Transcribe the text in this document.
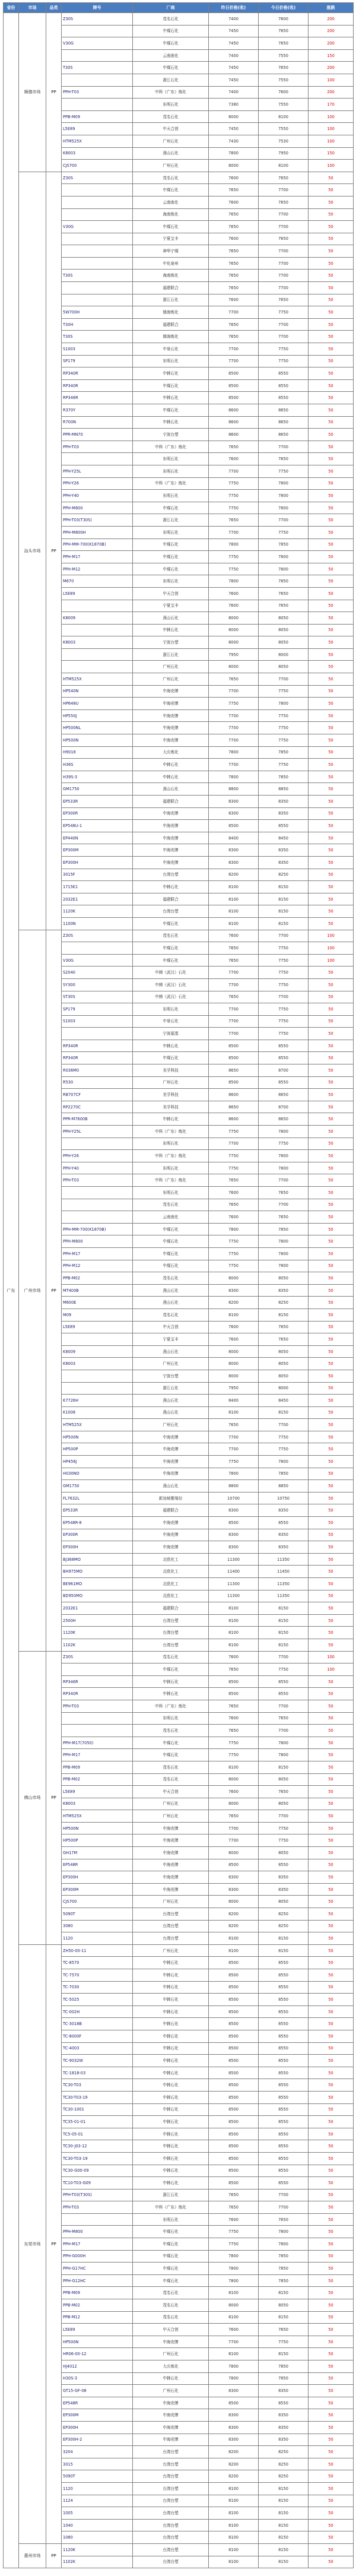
省份	市场	品类	牌号	厂商	昨日价格(收)	今日价格(收)	涨跌
广东	顺德市场	PP	Z30S	茂名石化	7400	7600	200
				中煤石化	7450	7650	200
			V30G	中煤石化	7450	7650	200
				云南南化	7400	7550	150
			T30S	中煤石化	7450	7650	200
				浙江石化	7450	7550	100
			PPH-T03	中科（广东）炼化	7400	7600	200
				东明石化	7380	7550	170
			PPB-M09	茂名石化	8000	8100	100
			L5E89	中天合创	7450	7550	100
			HTM525X	广州石化	7430	7530	100
			K8003	燕山石化	7800	7950	150
			CJS700	广州石化	8000	8100	100
	汕头市场	PP	Z30S	茂名石化	7600	7650	50
				中煤石化	7650	7700	50
				云南南化	7600	7650	50
				海南炼化	7650	7700	50
			V30G	中煤石化	7650	7700	50
				宁夏宝丰	7600	7650	50
				神华宁煤	7650	7700	50
				中化泉州	7650	7700	50
			T30S	海南炼化	7650	7700	50
				福建联合	7650	7700	50
				浙江石化	7600	7650	50
			5W700H	镇海炼化	7700	7750	50
			T30H	福建联合	7650	7700	50
			T30S	镇海炼化	7650	7700	50
			S1003	中景石化	7700	7750	50
			SP179	东明石化	7700	7750	50
			RP340R	中韩石化	8500	8550	50
			RP340R	中煤石化	8500	8550	50
			RP346R	中韩石化	8500	8550	50
			R370Y	中煤石化	8600	8650	50
			R700N	中韩石化	8600	8650	50
			PPR-MN70	宁波台塑	8600	8650	50
			PPH-T03	中科（广东）炼化	7650	7700	50
				东明石化	7600	7650	50
			PPH-Y25L	东明石化	7700	7750	50
			PPH-Y26	中科（广东）炼化	7750	7800	50
			PPH-Y40	东明石化	7750	7800	50
			PPH-M800	中煤石化	7750	7800	50
			PPH-T03(T30S)	浙江石化	7650	7700	50
			PPH-M800H	东明石化	7700	7750	50
			PPH-MM-700(K1870B)	中煤石化	7800	7850	50
			PPH-M17	中煤石化	7750	7800	50
			PPH-M12	中煤石化	7750	7800	50
			M670	东明石化	7800	7850	50
			L5E89	中天合创	7600	7650	50
				宁夏宝丰	7600	7650	50
			K8009	燕山石化	8000	8050	50
				中韩石化	8000	8050	50
			K8003	宁波台塑	8000	8050	50
				浙江石化	7950	8000	50
				广州石化	8000	8050	50
			HTM525X	广州石化	7650	7700	50
			HP540N	中海壳牌	7700	7750	50
			HP648U	中海壳牌	7750	7800	50
			HP550J	中海壳牌	7700	7750	50
			HP500NL	中海壳牌	7700	7750	50
			HP500N	中海壳牌	7700	7750	50
			H9018	大庆炼化	7800	7850	50
			H36S	中韩石化	7700	7750	50
			H39S-3	中韩石化	7800	7850	50
			GM1750	燕山石化	8800	8850	50
			EP533R	福建联合	8300	8350	50
			EP300R	中海壳牌	8300	8350	50
			EP548U-1	中海壳牌	8500	8550	50
			EP440N	中海壳牌	8400	8450	50
			EP300M	中海壳牌	8300	8350	50
			EP300H	中海壳牌	8300	8350	50
			3015F	台湾台塑	8200	8250	50
			1715E1	中韩石化	8100	8150	50
			2032E1	福建联合	8100	8150	50
			1120K	台湾台塑	8100	8150	50
			1100N	中煤石化	8100	8150	50
	广州市场	PP	Z30S	茂名石化	7600	7700	100
				中煤石化	7650	7750	100
			V30G	中煤石化	7650	7750	100
			S2040	中韩（武汉）石化	7700	7750	50
			SY300	中韩（武汉）石化	7700	7750	50
			ST30S	中韩（武汉）石化	7650	7700	50
			SP179	东明石化	7700	7750	50
			S1003	中景石化	7700	7750	50
				宁波福基	7700	7750	50
			RP340R	中韩石化	8500	8550	50
			RP340R	中煤石化	8500	8550	50
			R036M0	美孚科技	8650	8700	50
			R530	广州石化	8500	8550	50
			RB707CF	美孚科技	8600	8650	50
			RP2270C	美孚科技	8650	8700	50
			PPR-M7600B	中韩石化	8600	8650	50
			PPH-Y25L	中科（广东）炼化	7750	7800	50
				东明石化	7700	7750	50
			PPH-Y26	中科（广东）炼化	7750	7800	50
			PPH-Y40	东明石化	7750	7800	50
			PPH-T03	中科（广东）炼化	7650	7700	50
				东明石化	7600	7650	50
				茂名石化	7650	7700	50
				云南南化	7600	7650	50
			PPH-MM-700(K1870B)	中煤石化	7800	7850	50
			PPH-M800	中煤石化	7750	7800	50
			PPH-M17	中煤石化	7750	7800	50
			PPH-M12	中煤石化	7750	7800	50
			PPB-M02	茂名石化	8000	8050	50
			MT400B	燕山石化	8300	8350	50
			M600E	燕山石化	8200	8250	50
			M09	茂名石化	8100	8150	50
			L5E89	中天合创	7600	7650	50
				宁夏宝丰	7600	7650	50
			K8009	燕山石化	8000	8050	50
			K8003	广州石化	8000	8050	50
				宁波台塑	8000	8050	50
				浙江石化	7950	8000	50
			K7726H	燕山石化	8400	8450	50
			K1008	燕山石化	8100	8150	50
			HTM525X	广州石化	7650	7700	50
			HP500N	中海壳牌	7700	7750	50
			HP500P	中海壳牌	7700	7750	50
			HP456J	中海壳牌	7750	7800	50
			H030NO	中海壳牌	7800	7850	50
			GM1750	燕山石化	8800	8850	50
			FL7632L	新加坡聚烯烃	10700	10750	50
			EP533R	福建联合	8300	8350	50
			EP548R-8	中海壳牌	8500	8550	50
			EP300R	中海壳牌	8300	8350	50
			EP300H	中海壳牌	8300	8350	50
			BJ368MO	北欧化工	11300	11350	50
			BH975MO	北欧化工	11400	11450	50
			BE961MO	北欧化工	11300	11350	50
			BD950MO	北欧化工	11300	11350	50
			2032E1	福建联合	8100	8150	50
			2500H	台湾台塑	8100	8150	50
			1120K	台湾台塑	8100	8150	50
			1102K	台湾台塑	8100	8150	50
	佛山市场	PP	Z30S	茂名石化	7600	7700	100
				中煤石化	7650	7750	100
			RP346R	中韩石化	8500	8550	50
			RP340R	中韩石化	8500	8550	50
			PPH-T03	中科（广东）炼化	7650	7700	50
				东明石化	7600	7650	50
				茂名石化	7650	7700	50
			PPH-M17(7050)	中煤石化	7750	7800	50
			PPH-M17	中煤石化	7750	7800	50
			PPB-M09	茂名石化	8100	8150	50
			PPB-M02	茂名石化	8000	8050	50
			L5E89	中天合创	7600	7650	50
			K8003	广州石化	8000	8050	50
			HTM525X	广州石化	7650	7700	50
			HP500N	中海壳牌	7700	7750	50
			HP500P	中海壳牌	7700	7750	50
			GH17M	中海壳牌	8000	8050	50
			EP548R	中海壳牌	8500	8550	50
			EP300H	中海壳牌	8300	8350	50
			EP300M	中海壳牌	8300	8350	50
			CJS700	广州石化	8000	8050	50
			5090T	台湾台塑	8200	8250	50
			3080	台湾台塑	8200	8250	50
			1120	台湾台塑	8100	8150	50
	东莞市场	PP	ZH50-00-11	广州石化	8100	8150	50
			TC-8570	中韩石化	8500	8550	50
			TC-7570	中韩石化	8500	8550	50
			TC-7030	中韩石化	8500	8550	50
			TC-5025	中韩石化	8500	8550	50
			TC-002H	中韩石化	8500	8550	50
			TC-3018B	中韩石化	8500	8550	50
			TC-8000F	中韩石化	8500	8550	50
			TC-4003	中韩石化	8500	8550	50
			TC-9032W	中韩石化	8500	8550	50
			TC-1818-03	中韩石化	8500	8550	50
			TC30-T03	中韩石化	8500	8550	50
			TC30-T03-19	中韩石化	8500	8550	50
			TC30-1001	中韩石化	8500	8550	50
			TC35-01-01	中韩石化	8500	8550	50
			TC5-05-01	中韩石化	8500	8550	50
			TC30-J03-12	中韩石化	8500	8550	50
			TC30-T03-19	中韩石化	8500	8550	50
			TC30-G00-09	中韩石化	8500	8550	50
			TC10-T03-G09	中韩石化	8500	8550	50
			PPH-T03(T30S)	浙江石化	7650	7700	50
			PPH-T03	中科（广东）炼化	7650	7700	50
				东明石化	7600	7650	50
			PPH-M800	中煤石化	7750	7800	50
			PPH-M17	中煤石化	7750	7800	50
			PPH-G000H	中煤石化	7800	7850	50
			PPH-G17HC	中煤石化	7800	7850	50
			PPH-G12HC	中煤石化	7800	7850	50
			PPB-M09	茂名石化	8100	8150	50
			PPB-M02	茂名石化	8000	8050	50
			PPB-M12	茂名石化	8100	8150	50
			L5E89	中天合创	7600	7650	50
			HP500N	中海壳牌	7700	7750	50
			HR06-00-12	广州石化	8100	8150	50
			HJ4012	大庆炼化	7800	7850	50
			H30S-3	中韩石化	7800	7850	50
			GT15-GF-08	广州石化	8300	8350	50
			EP548R	中海壳牌	8500	8550	50
			EP300M	中海壳牌	8300	8350	50
			EP300H	中海壳牌	8300	8350	50
			EP300H-2	中海壳牌	8300	8350	50
			3204	台湾台塑	8200	8250	50
			3015	台湾台塑	8200	8250	50
			5090T	台湾台塑	8200	8250	50
			1120	台湾台塑	8100	8150	50
			1124	台湾台塑	8100	8150	50
			1005	台湾台塑	8100	8150	50
			1040	台湾台塑	8100	8150	50
			1080	台湾台塑	8100	8150	50
	惠州市场	PP	1120K	台湾台塑	8100	8150	50
			1102K	台湾台塑	8100	8150	50
